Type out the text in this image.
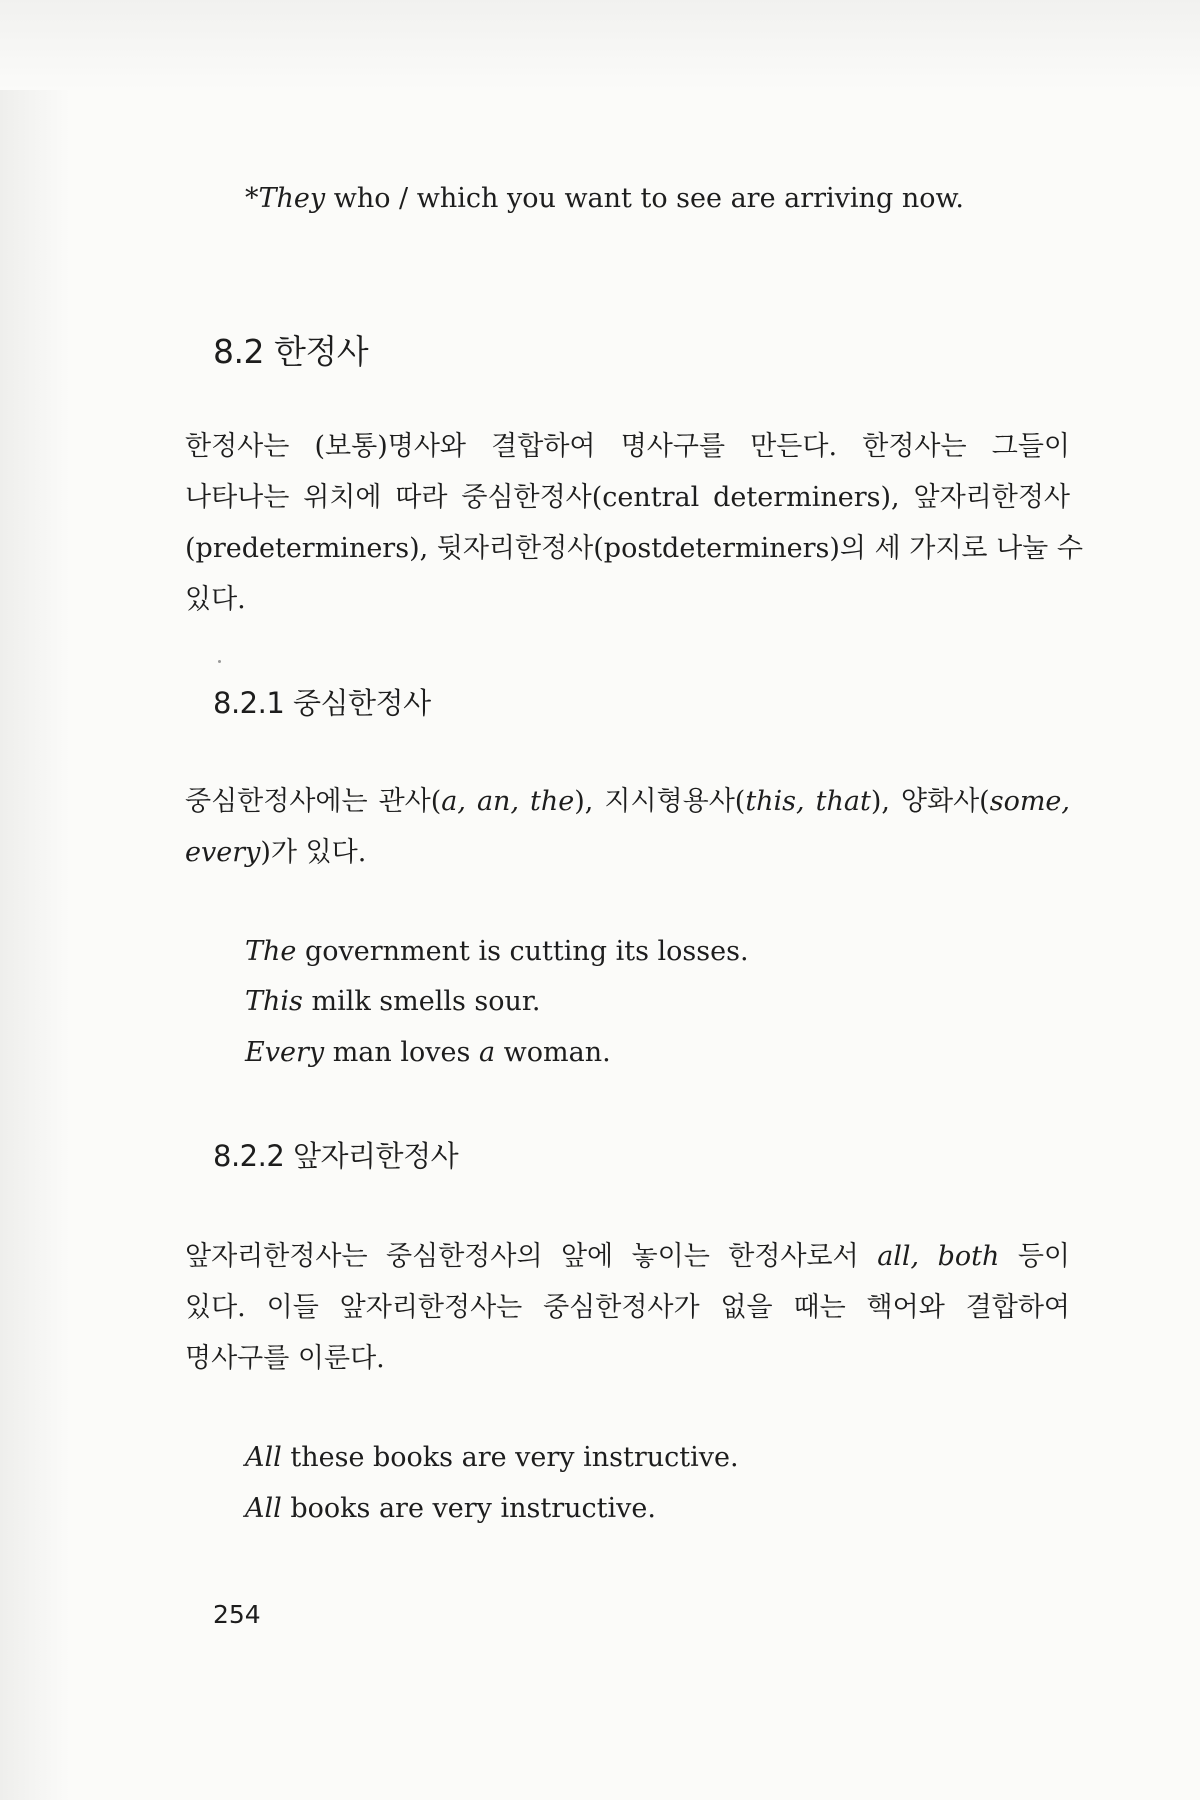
*They who / which you want to see are arriving now.
8.2 한정사
한정사는 (보통)명사와 결합하여 명사구를 만든다. 한정사는 그들이
나타나는 위치에 따라 중심한정사(central determiners), 앞자리한정사
(predeterminers), 뒷자리한정사(postdeterminers)의 세 가지로 나눌 수
있다.
8.2.1 중심한정사
중심한정사에는 관사(a, an, the), 지시형용사(this, that), 양화사(some,
every)가 있다.
The government is cutting its losses.
This milk smells sour.
Every man loves a woman.
8.2.2 앞자리한정사
앞자리한정사는 중심한정사의 앞에 놓이는 한정사로서 all, both 등이
있다. 이들 앞자리한정사는 중심한정사가 없을 때는 핵어와 결합하여
명사구를 이룬다.
All these books are very instructive.
All books are very instructive.
254
